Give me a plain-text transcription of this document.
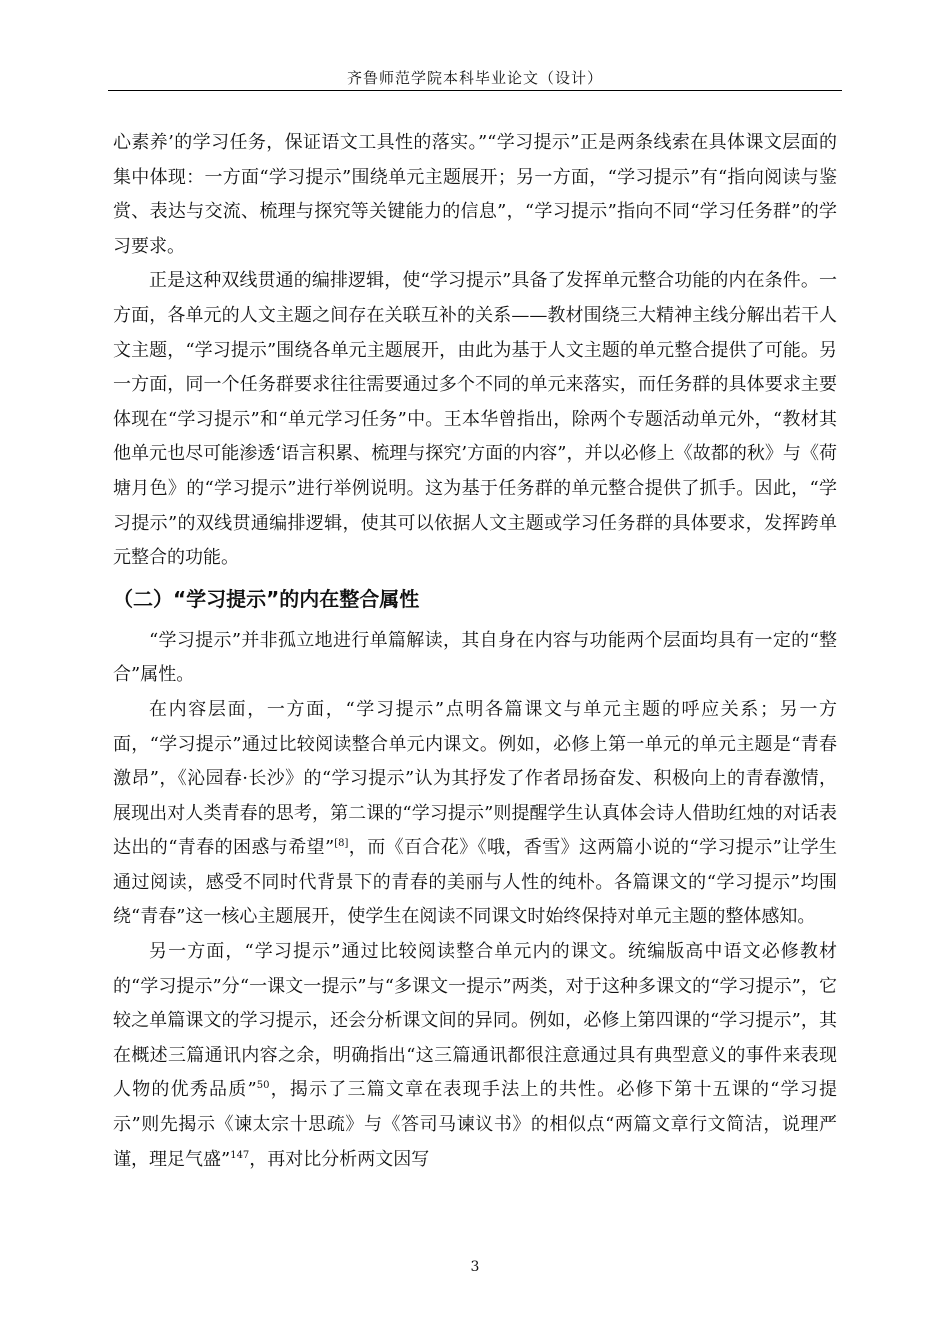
齐鲁师范学院本科毕业论文（设计）

心素养’的学习任务，保证语文工具性的落实。”“学习提示”正是两条线索在具体课文层面的集中体现：一方面“学习提示”围绕单元主题展开；另一方面，“学习提示”有“指向阅读与鉴赏、表达与交流、梳理与探究等关键能力的信息”，“学习提示”指向不同“学习任务群”的学习要求。

正是这种双线贯通的编排逻辑，使“学习提示”具备了发挥单元整合功能的内在条件。一方面，各单元的人文主题之间存在关联互补的关系——教材围绕三大精神主线分解出若干人文主题，“学习提示”围绕各单元主题展开，由此为基于人文主题的单元整合提供了可能。另一方面，同一个任务群要求往往需要通过多个不同的单元来落实，而任务群的具体要求主要体现在“学习提示”和“单元学习任务”中。王本华曾指出，除两个专题活动单元外，“教材其他单元也尽可能渗透‘语言积累、梳理与探究’方面的内容”，并以必修上《故都的秋》与《荷塘月色》的“学习提示”进行举例说明。这为基于任务群的单元整合提供了抓手。因此，“学习提示”的双线贯通编排逻辑，使其可以依据人文主题或学习任务群的具体要求，发挥跨单元整合的功能。

（二）“学习提示”的内在整合属性

“学习提示”并非孤立地进行单篇解读，其自身在内容与功能两个层面均具有一定的“整合”属性。

在内容层面，一方面，“学习提示”点明各篇课文与单元主题的呼应关系；另一方面，“学习提示”通过比较阅读整合单元内课文。例如，必修上第一单元的单元主题是“青春激昂”，《沁园春·长沙》的“学习提示”认为其抒发了作者昂扬奋发、积极向上的青春激情，展现出对人类青春的思考，第二课的“学习提示”则提醒学生认真体会诗人借助红烛的对话表达出的“青春的困惑与希望”[8]，而《百合花》《哦，香雪》这两篇小说的“学习提示”让学生通过阅读，感受不同时代背景下的青春的美丽与人性的纯朴。各篇课文的“学习提示”均围绕“青春”这一核心主题展开，使学生在阅读不同课文时始终保持对单元主题的整体感知。

另一方面，“学习提示”通过比较阅读整合单元内的课文。统编版高中语文必修教材的“学习提示”分“一课文一提示”与“多课文一提示”两类，对于这种多课文的“学习提示”，它较之单篇课文的学习提示，还会分析课文间的异同。例如，必修上第四课的“学习提示”，其在概述三篇通讯内容之余，明确指出“这三篇通讯都很注意通过具有典型意义的事件来表现人物的优秀品质”$^{50}$，揭示了三篇文章在表现手法上的共性。必修下第十五课的“学习提示”则先揭示《谏太宗十思疏》与《答司马谏议书》的相似点“两篇文章行文简洁，说理严谨，理足气盛”$^{147}$，再对比分析两文因写

3
